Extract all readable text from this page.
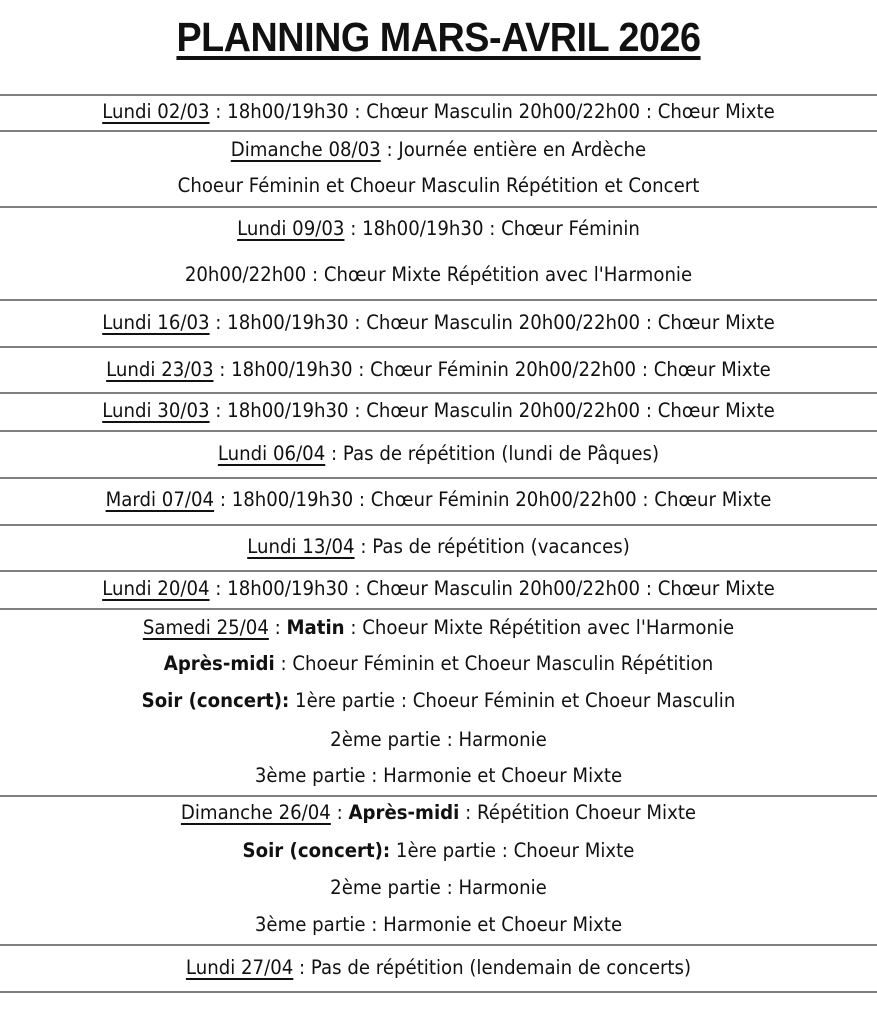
PLANNING MARS-AVRIL 2026
Lundi 02/03 : 18h00/19h30 : Chœur Masculin 20h00/22h00 : Chœur Mixte
Dimanche 08/03 : Journée entière en Ardèche
Choeur Féminin et Choeur Masculin Répétition et Concert
Lundi 09/03 : 18h00/19h30 : Chœur Féminin
20h00/22h00 : Chœur Mixte Répétition avec l'Harmonie
Lundi 16/03 : 18h00/19h30 : Chœur Masculin 20h00/22h00 : Chœur Mixte
Lundi 23/03 : 18h00/19h30 : Chœur Féminin 20h00/22h00 : Chœur Mixte
Lundi 30/03 : 18h00/19h30 : Chœur Masculin 20h00/22h00 : Chœur Mixte
Lundi 06/04 : Pas de répétition (lundi de Pâques)
Mardi 07/04 : 18h00/19h30 : Chœur Féminin 20h00/22h00 : Chœur Mixte
Lundi 13/04 : Pas de répétition (vacances)
Lundi 20/04 : 18h00/19h30 : Chœur Masculin 20h00/22h00 : Chœur Mixte
Samedi 25/04 : Matin : Choeur Mixte Répétition avec l'Harmonie
Après-midi : Choeur Féminin et Choeur Masculin Répétition
Soir (concert): 1ère partie : Choeur Féminin et Choeur Masculin
2ème partie : Harmonie
3ème partie : Harmonie et Choeur Mixte
Dimanche 26/04 : Après-midi : Répétition Choeur Mixte
Soir (concert): 1ère partie : Choeur Mixte
2ème partie : Harmonie
3ème partie : Harmonie et Choeur Mixte
Lundi 27/04 : Pas de répétition (lendemain de concerts)
